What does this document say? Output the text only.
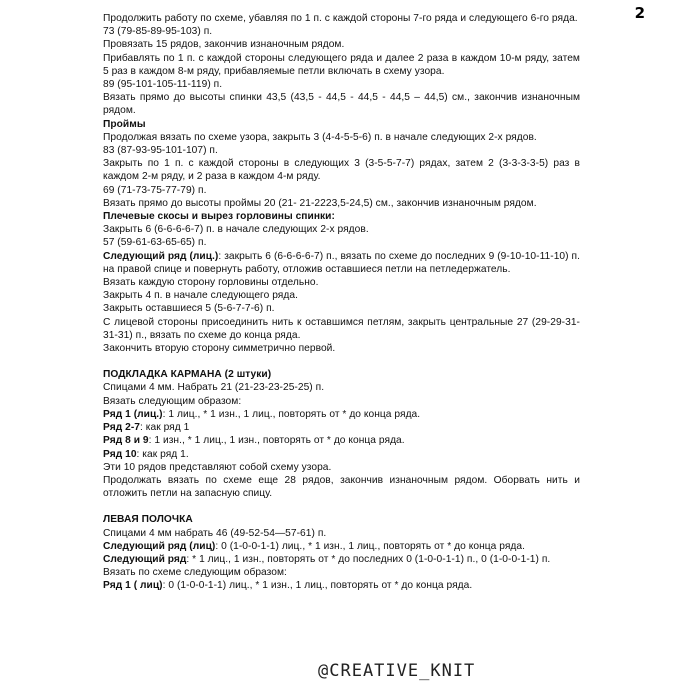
2

Продолжить работу по схеме, убавляя по 1 п. с каждой стороны 7-го ряда и следующего 6-го ряда.

73 (79-85-89-95-103) п.

Провязать 15 рядов, закончив изнаночным рядом.

Прибавлять по 1 п. с каждой стороны следующего ряда и далее 2 раза в каждом 10-м ряду, затем 5 раз в каждом 8-м ряду, прибавляемые петли включать в схему узора.

89 (95-101-105-11-119) п.

Вязать прямо до высоты спинки 43,5 (43,5 - 44,5 - 44,5 - 44,5 – 44,5) см., закончив изнаночным рядом.

Проймы

Продолжая вязать по схеме узора, закрыть 3 (4-4-5-5-6) п. в начале следующих 2-х рядов.

83 (87-93-95-101-107) п.

Закрыть по 1 п. с каждой стороны в следующих 3 (3-5-5-7-7) рядах, затем 2 (3-3-3-3-5) раз в каждом 2-м ряду, и 2 раза в каждом 4-м ряду.

69 (71-73-75-77-79) п.

Вязать прямо до высоты проймы 20 (21- 21-2223,5-24,5) см., закончив изнаночным рядом.

Плечевые скосы и вырез горловины спинки:

Закрыть 6 (6-6-6-6-7) п. в начале следующих 2-х рядов.

57 (59-61-63-65-65) п.

Следующий ряд (лиц.): закрыть 6 (6-6-6-6-7) п., вязать по схеме до последних 9 (9-10-10-11-10) п. на правой спице и повернуть работу, отложив оставшиеся петли на петледержатель.

Вязать каждую сторону горловины отдельно.

Закрыть 4 п. в начале следующего ряда.

Закрыть оставшиеся 5 (5-6-7-7-6) п.

С лицевой стороны присоединить нить к оставшимся петлям, закрыть центральные 27 (29-29-31-31-31) п., вязать по схеме до конца ряда.

Закончить вторую сторону симметрично первой.

ПОДКЛАДКА КАРМАНА (2 штуки)

Спицами 4 мм. Набрать 21 (21-23-23-25-25) п.

Вязать следующим образом:

Ряд 1 (лиц.): 1 лиц., * 1 изн., 1 лиц., повторять от * до конца ряда.

Ряд 2-7: как ряд 1

Ряд 8 и 9: 1 изн., * 1 лиц., 1 изн., повторять от * до конца ряда.

Ряд 10: как ряд 1.

Эти 10 рядов представляют собой схему узора.

Продолжать вязать по схеме еще 28 рядов, закончив изнаночным рядом. Оборвать нить и отложить петли на запасную спицу.

ЛЕВАЯ ПОЛОЧКА

Спицами 4 мм набрать 46 (49-52-54—57-61) п.

Следующий ряд (лиц): 0 (1-0-0-1-1) лиц., * 1 изн., 1 лиц., повторять от * до конца ряда.

Следующий ряд: * 1 лиц., 1 изн., повторять от * до последних 0 (1-0-0-1-1) п., 0 (1-0-0-1-1) п.

Вязать по схеме следующим образом:

Ряд 1 ( лиц): 0 (1-0-0-1-1) лиц., * 1 изн., 1 лиц., повторять от * до конца ряда.

@CREATIVE_KNIT
